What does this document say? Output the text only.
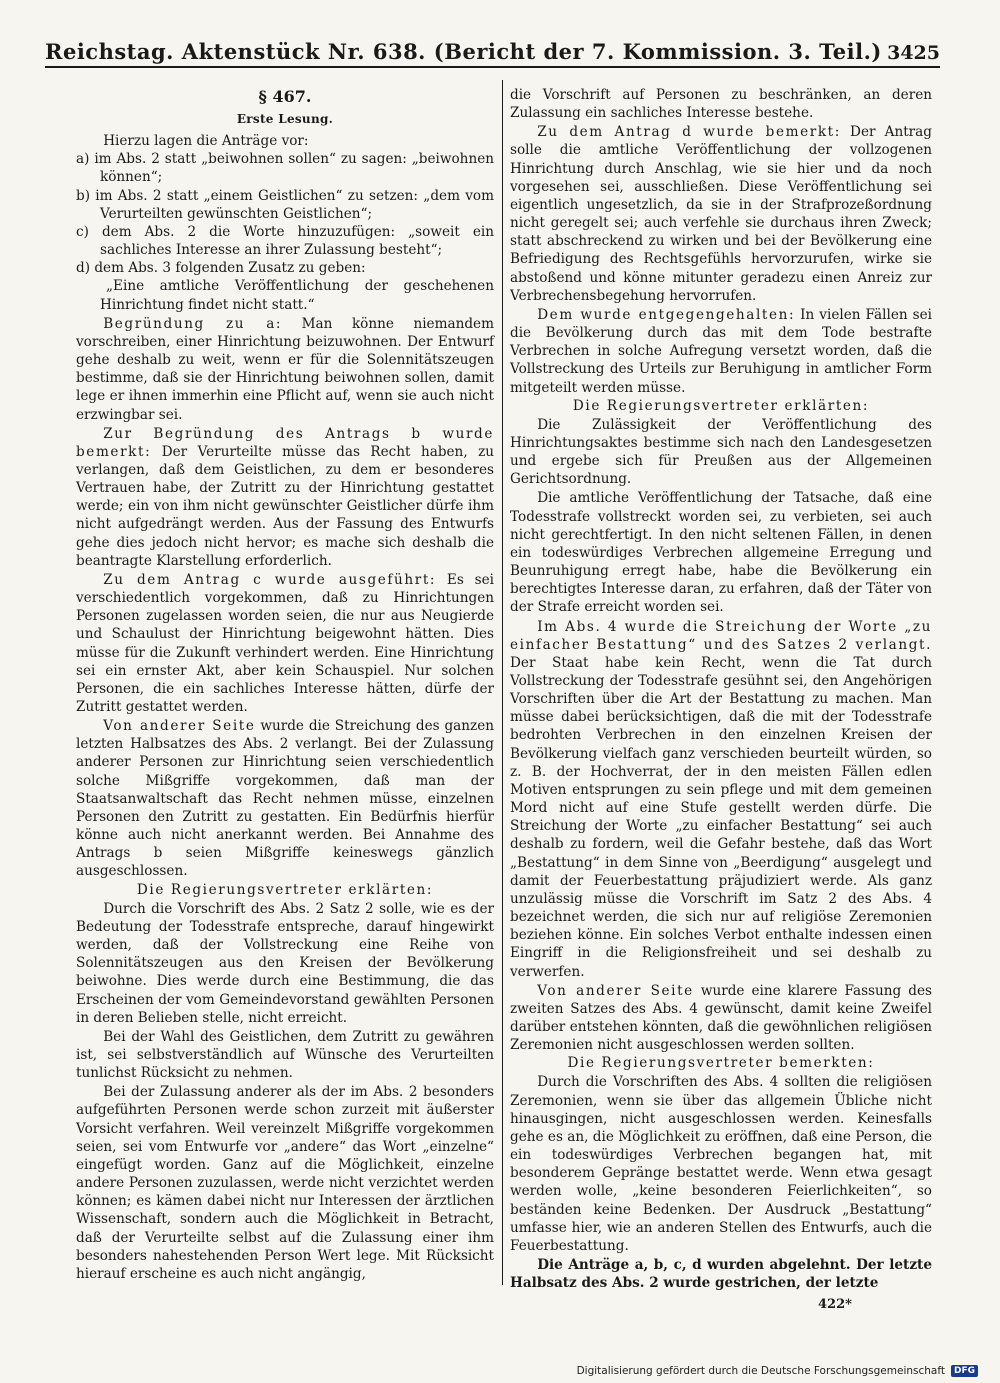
Reichstag. Aktenstück Nr. 638. (Bericht der 7. Kommission. 3. Teil.) 3425

§ 467.

Erste Lesung.

Hierzu lagen die Anträge vor:

a) im Abs. 2 statt „beiwohnen sollen“ zu sagen: „beiwohnen können“;

b) im Abs. 2 statt „einem Geistlichen“ zu setzen: „dem vom Verurteilten gewünschten Geistlichen“;

c) dem Abs. 2 die Worte hinzuzufügen: „soweit ein sachliches Interesse an ihrer Zulassung besteht“;

d) dem Abs. 3 folgenden Zusatz zu geben:

„Eine amtliche Veröffentlichung der geschehenen Hinrichtung findet nicht statt.“

Begründung zu a: Man könne niemandem vorschreiben, einer Hinrichtung beizuwohnen. Der Entwurf gehe deshalb zu weit, wenn er für die Solennitätszeugen bestimme, daß sie der Hinrichtung beiwohnen sollen, damit lege er ihnen immerhin eine Pflicht auf, wenn sie auch nicht erzwingbar sei.

Zur Begründung des Antrags b wurde bemerkt: Der Verurteilte müsse das Recht haben, zu verlangen, daß dem Geistlichen, zu dem er besonderes Vertrauen habe, der Zutritt zu der Hinrichtung gestattet werde; ein von ihm nicht gewünschter Geistlicher dürfe ihm nicht aufgedrängt werden. Aus der Fassung des Entwurfs gehe dies jedoch nicht hervor; es mache sich deshalb die beantragte Klarstellung erforderlich.

Zu dem Antrag c wurde ausgeführt: Es sei verschiedentlich vorgekommen, daß zu Hinrichtungen Personen zugelassen worden seien, die nur aus Neugierde und Schaulust der Hinrichtung beigewohnt hätten. Dies müsse für die Zukunft verhindert werden. Eine Hinrichtung sei ein ernster Akt, aber kein Schauspiel. Nur solchen Personen, die ein sachliches Interesse hätten, dürfe der Zutritt gestattet werden.

Von anderer Seite wurde die Streichung des ganzen letzten Halbsatzes des Abs. 2 verlangt. Bei der Zulassung anderer Personen zur Hinrichtung seien verschiedentlich solche Mißgriffe vorgekommen, daß man der Staatsanwaltschaft das Recht nehmen müsse, einzelnen Personen den Zutritt zu gestatten. Ein Bedürfnis hierfür könne auch nicht anerkannt werden. Bei Annahme des Antrags b seien Mißgriffe keineswegs gänzlich ausgeschlossen.

Die Regierungsvertreter erklärten:

Durch die Vorschrift des Abs. 2 Satz 2 solle, wie es der Bedeutung der Todesstrafe entspreche, darauf hingewirkt werden, daß der Vollstreckung eine Reihe von Solennitätszeugen aus den Kreisen der Bevölkerung beiwohne. Dies werde durch eine Bestimmung, die das Erscheinen der vom Gemeindevorstand gewählten Personen in deren Belieben stelle, nicht erreicht.

Bei der Wahl des Geistlichen, dem Zutritt zu gewähren ist, sei selbstverständlich auf Wünsche des Verurteilten tunlichst Rücksicht zu nehmen.

Bei der Zulassung anderer als der im Abs. 2 besonders aufgeführten Personen werde schon zurzeit mit äußerster Vorsicht verfahren. Weil vereinzelt Mißgriffe vorgekommen seien, sei vom Entwurfe vor „andere“ das Wort „einzelne“ eingefügt worden. Ganz auf die Möglichkeit, einzelne andere Personen zuzulassen, werde nicht verzichtet werden können; es kämen dabei nicht nur Interessen der ärztlichen Wissenschaft, sondern auch die Möglichkeit in Betracht, daß der Verurteilte selbst auf die Zulassung einer ihm besonders nahestehenden Person Wert lege. Mit Rücksicht hierauf erscheine es auch nicht angängig,

die Vorschrift auf Personen zu beschränken, an deren Zulassung ein sachliches Interesse bestehe.

Zu dem Antrag d wurde bemerkt: Der Antrag solle die amtliche Veröffentlichung der vollzogenen Hinrichtung durch Anschlag, wie sie hier und da noch vorgesehen sei, ausschließen. Diese Veröffentlichung sei eigentlich ungesetzlich, da sie in der Strafprozeßordnung nicht geregelt sei; auch verfehle sie durchaus ihren Zweck; statt abschreckend zu wirken und bei der Bevölkerung eine Befriedigung des Rechtsgefühls hervorzurufen, wirke sie abstoßend und könne mitunter geradezu einen Anreiz zur Verbrechensbegehung hervorrufen.

Dem wurde entgegengehalten: In vielen Fällen sei die Bevölkerung durch das mit dem Tode bestrafte Verbrechen in solche Aufregung versetzt worden, daß die Vollstreckung des Urteils zur Beruhigung in amtlicher Form mitgeteilt werden müsse.

Die Regierungsvertreter erklärten:

Die Zulässigkeit der Veröffentlichung des Hinrichtungsaktes bestimme sich nach den Landesgesetzen und ergebe sich für Preußen aus der Allgemeinen Gerichtsordnung.

Die amtliche Veröffentlichung der Tatsache, daß eine Todesstrafe vollstreckt worden sei, zu verbieten, sei auch nicht gerechtfertigt. In den nicht seltenen Fällen, in denen ein todeswürdiges Verbrechen allgemeine Erregung und Beunruhigung erregt habe, habe die Bevölkerung ein berechtigtes Interesse daran, zu erfahren, daß der Täter von der Strafe erreicht worden sei.

Im Abs. 4 wurde die Streichung der Worte „zu einfacher Bestattung“ und des Satzes 2 verlangt. Der Staat habe kein Recht, wenn die Tat durch Vollstreckung der Todesstrafe gesühnt sei, den Angehörigen Vorschriften über die Art der Bestattung zu machen. Man müsse dabei berücksichtigen, daß die mit der Todesstrafe bedrohten Verbrechen in den einzelnen Kreisen der Bevölkerung vielfach ganz verschieden beurteilt würden, so z. B. der Hochverrat, der in den meisten Fällen edlen Motiven entsprungen zu sein pflege und mit dem gemeinen Mord nicht auf eine Stufe gestellt werden dürfe. Die Streichung der Worte „zu einfacher Bestattung“ sei auch deshalb zu fordern, weil die Gefahr bestehe, daß das Wort „Bestattung“ in dem Sinne von „Beerdigung“ ausgelegt und damit der Feuerbestattung präjudiziert werde. Als ganz unzulässig müsse die Vorschrift im Satz 2 des Abs. 4 bezeichnet werden, die sich nur auf religiöse Zeremonien beziehen könne. Ein solches Verbot enthalte indessen einen Eingriff in die Religionsfreiheit und sei deshalb zu verwerfen.

Von anderer Seite wurde eine klarere Fassung des zweiten Satzes des Abs. 4 gewünscht, damit keine Zweifel darüber entstehen könnten, daß die gewöhnlichen religiösen Zeremonien nicht ausgeschlossen werden sollten.

Die Regierungsvertreter bemerkten:

Durch die Vorschriften des Abs. 4 sollten die religiösen Zeremonien, wenn sie über das allgemein Übliche nicht hinausgingen, nicht ausgeschlossen werden. Keinesfalls gehe es an, die Möglichkeit zu eröffnen, daß eine Person, die ein todeswürdiges Verbrechen begangen hat, mit besonderem Gepränge bestattet werde. Wenn etwa gesagt werden wolle, „keine besonderen Feierlichkeiten“, so beständen keine Bedenken. Der Ausdruck „Bestattung“ umfasse hier, wie an anderen Stellen des Entwurfs, auch die Feuerbestattung.

Die Anträge a, b, c, d wurden abgelehnt. Der letzte Halbsatz des Abs. 2 wurde gestrichen, der letzte

422*
Digitalisierung gefördert durch die Deutsche Forschungsgemeinschaft	DFG
